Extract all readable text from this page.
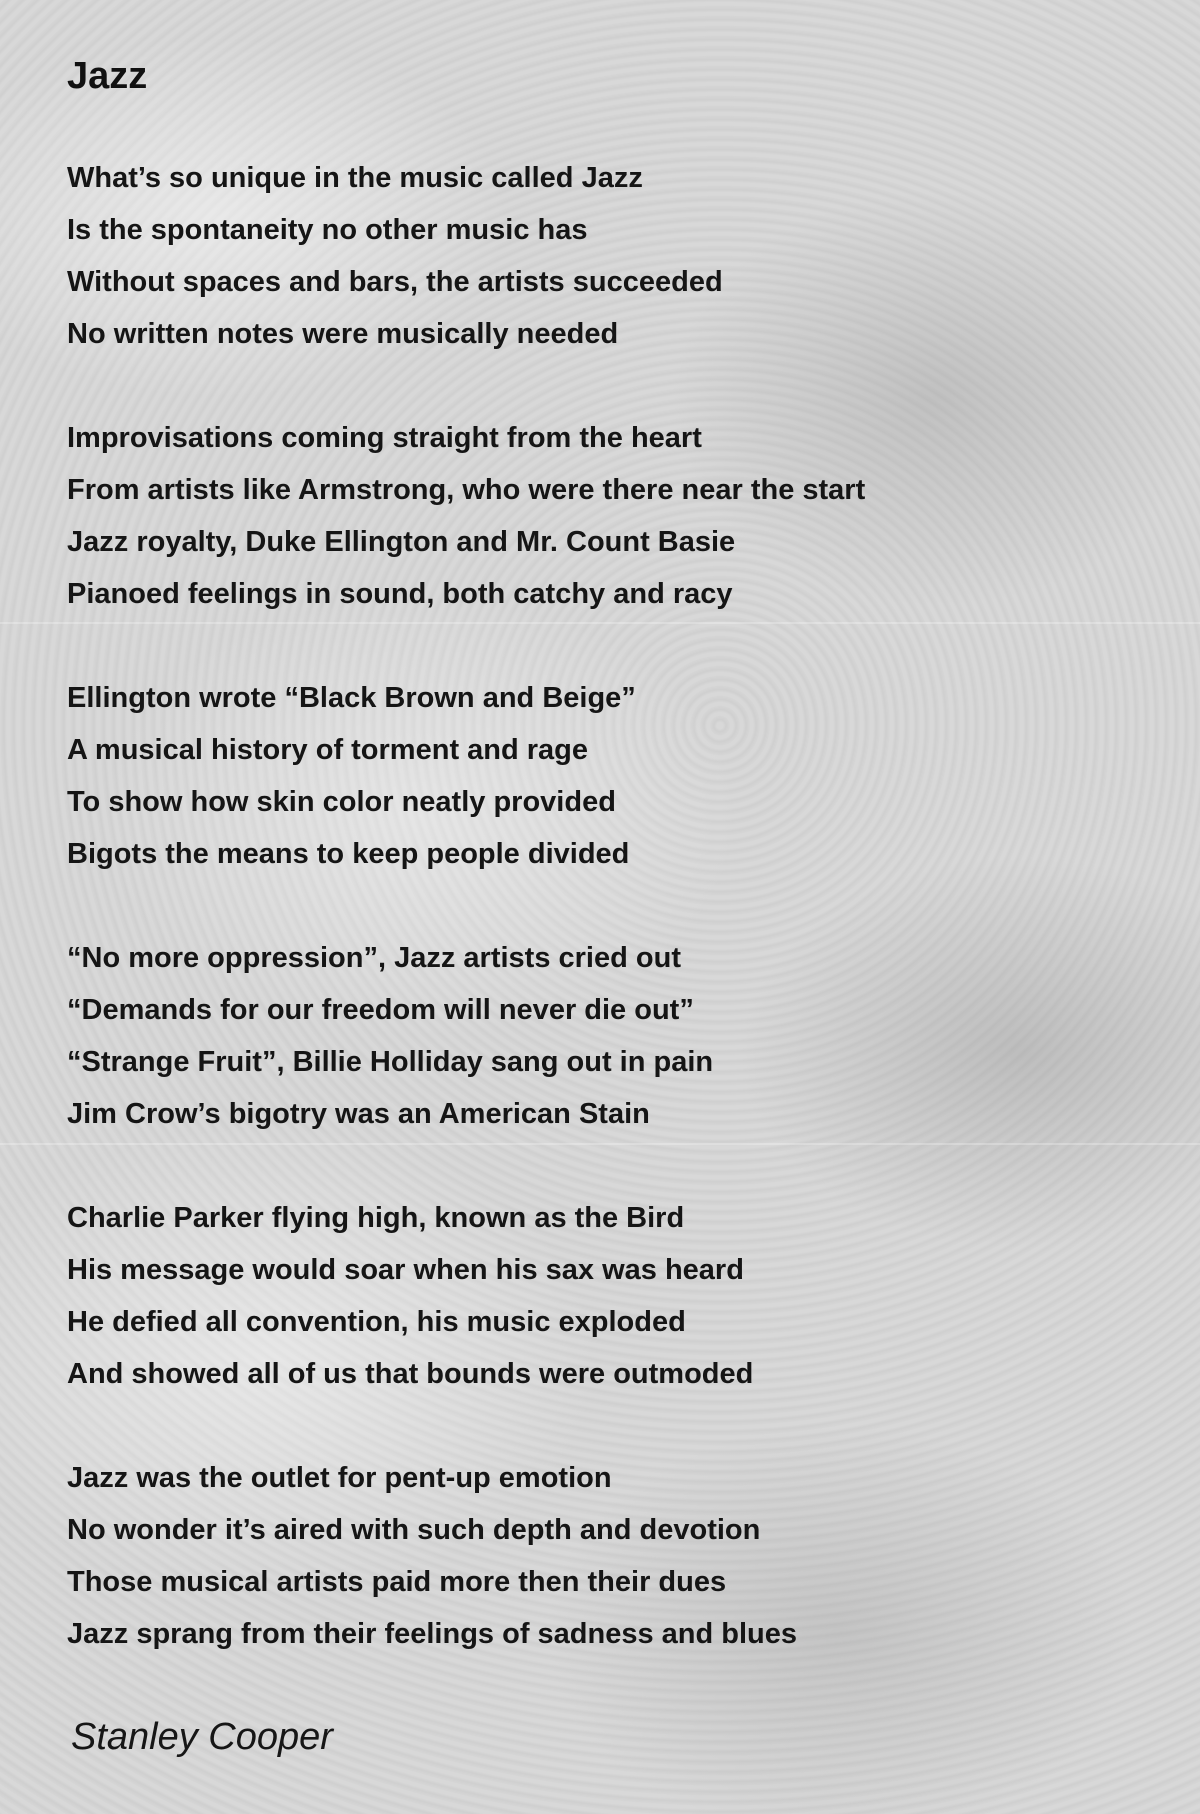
Jazz
What’s so unique in the music called Jazz
Is the spontaneity no other music has
Without spaces and bars, the artists succeeded
No written notes were musically needed
Improvisations coming straight from the heart
From artists like Armstrong, who were there near the start
Jazz royalty, Duke Ellington and Mr. Count Basie
Pianoed feelings in sound, both catchy and racy
Ellington wrote “Black Brown and Beige”
A musical history of torment and rage
To show how skin color neatly provided
Bigots the means to keep people divided
“No more oppression”, Jazz artists cried out
“Demands for our freedom will never die out”
“Strange Fruit”, Billie Holliday sang out in pain
Jim Crow’s bigotry was an American Stain
Charlie Parker flying high, known as the Bird
His message would soar when his sax was heard
He defied all convention, his music exploded
And showed all of us that bounds were outmoded
Jazz was the outlet for pent-up emotion
No wonder it’s aired with such depth and devotion
Those musical artists paid more then their dues
Jazz sprang from their feelings of sadness and blues
Stanley Cooper
